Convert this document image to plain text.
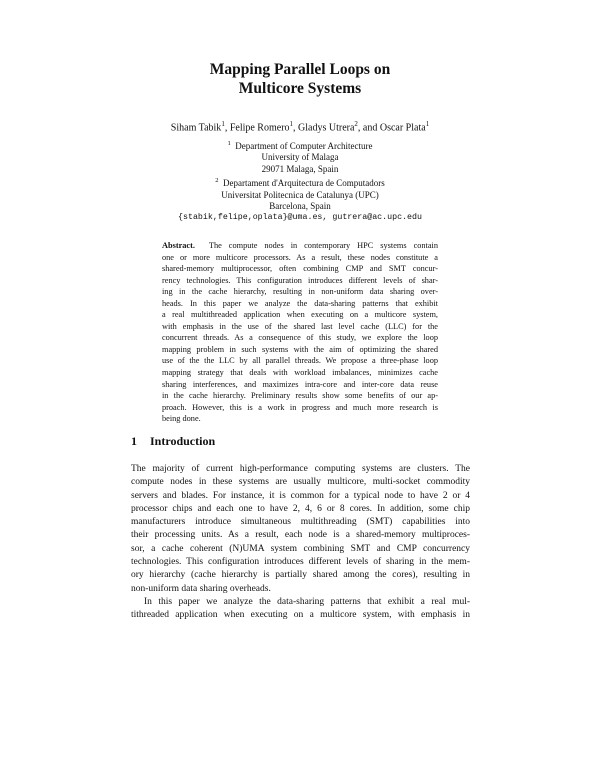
Mapping Parallel Loops on
Multicore Systems
Siham Tabik$^1$, Felipe Romero$^1$, Gladys Utrera$^2$, and Oscar Plata$^1$
$^1$ Department of Computer Architecture
University of Malaga
29071 Malaga, Spain
$^2$ Departament d'Arquitectura de Computadors
Universitat Politecnica de Catalunya (UPC)
Barcelona, Spain
{stabik,felipe,oplata}@uma.es, gutrera@ac.upc.edu
Abstract. The compute nodes in contemporary HPC systems contain
one or more multicore processors. As a result, these nodes constitute a
shared-memory multiprocessor, often combining CMP and SMT concur-
rency technologies. This configuration introduces different levels of shar-
ing in the cache hierarchy, resulting in non-uniform data sharing over-
heads. In this paper we analyze the data-sharing patterns that exhibit
a real multithreaded application when executing on a multicore system,
with emphasis in the use of the shared last level cache (LLC) for the
concurrent threads. As a consequence of this study, we explore the loop
mapping problem in such systems with the aim of optimizing the shared
use of the the LLC by all parallel threads. We propose a three-phase loop
mapping strategy that deals with workload imbalances, minimizes cache
sharing interferences, and maximizes intra-core and inter-core data reuse
in the cache hierarchy. Preliminary results show some benefits of our ap-
proach. However, this is a work in progress and much more research is
being done.
1 Introduction
The majority of current high-performance computing systems are clusters. The
compute nodes in these systems are usually multicore, multi-socket commodity
servers and blades. For instance, it is common for a typical node to have 2 or 4
processor chips and each one to have 2, 4, 6 or 8 cores. In addition, some chip
manufacturers introduce simultaneous multithreading (SMT) capabilities into
their processing units. As a result, each node is a shared-memory multiproces-
sor, a cache coherent (N)UMA system combining SMT and CMP concurrency
technologies. This configuration introduces different levels of sharing in the mem-
ory hierarchy (cache hierarchy is partially shared among the cores), resulting in
non-uniform data sharing overheads.
In this paper we analyze the data-sharing patterns that exhibit a real mul-
tithreaded application when executing on a multicore system, with emphasis in
